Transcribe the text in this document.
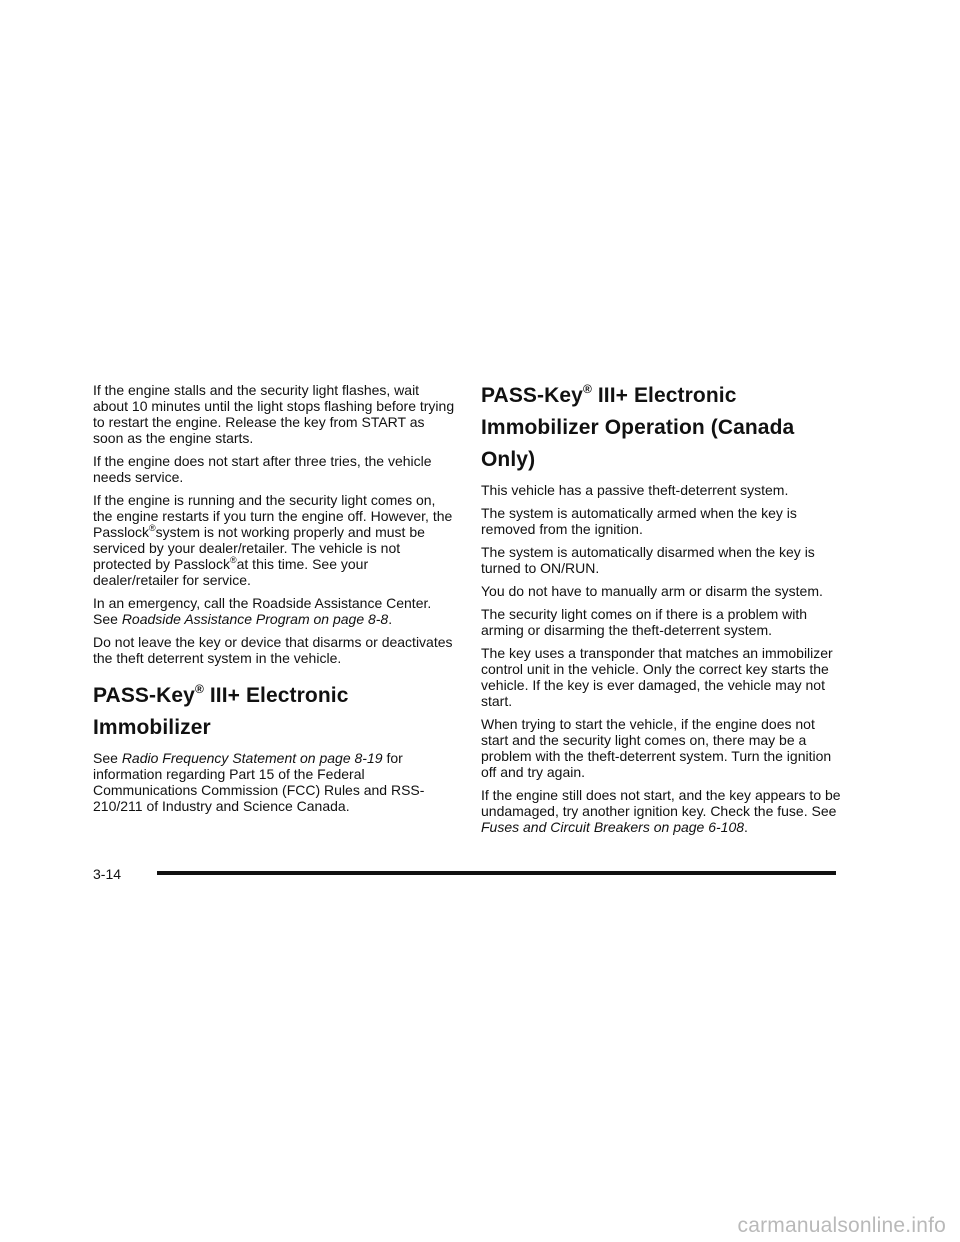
If the engine stalls and the security light flashes, wait about 10 minutes until the light stops flashing before trying to restart the engine. Release the key from START as soon as the engine starts.

If the engine does not start after three tries, the vehicle needs service.

If the engine is running and the security light comes on, the engine restarts if you turn the engine off. However, the Passlock®system is not working properly and must be serviced by your dealer/retailer. The vehicle is not protected by Passlock®at this time. See your dealer/retailer for service.

In an emergency, call the Roadside Assistance Center. See Roadside Assistance Program on page 8-8.

Do not leave the key or device that disarms or deactivates the theft deterrent system in the vehicle.

PASS-Key® III+ Electronic Immobilizer

See Radio Frequency Statement on page 8-19 for information regarding Part 15 of the Federal Communications Commission (FCC) Rules and RSS-210/211 of Industry and Science Canada.

PASS-Key® III+ Electronic Immobilizer Operation (Canada Only)

This vehicle has a passive theft-deterrent system.

The system is automatically armed when the key is removed from the ignition.

The system is automatically disarmed when the key is turned to ON/RUN.

You do not have to manually arm or disarm the system.

The security light comes on if there is a problem with arming or disarming the theft-deterrent system.

The key uses a transponder that matches an immobilizer control unit in the vehicle. Only the correct key starts the vehicle. If the key is ever damaged, the vehicle may not start.

When trying to start the vehicle, if the engine does not start and the security light comes on, there may be a problem with the theft-deterrent system. Turn the ignition off and try again.

If the engine still does not start, and the key appears to be undamaged, try another ignition key. Check the fuse. See Fuses and Circuit Breakers on page 6-108.

3-14
carmanualsonline.info
